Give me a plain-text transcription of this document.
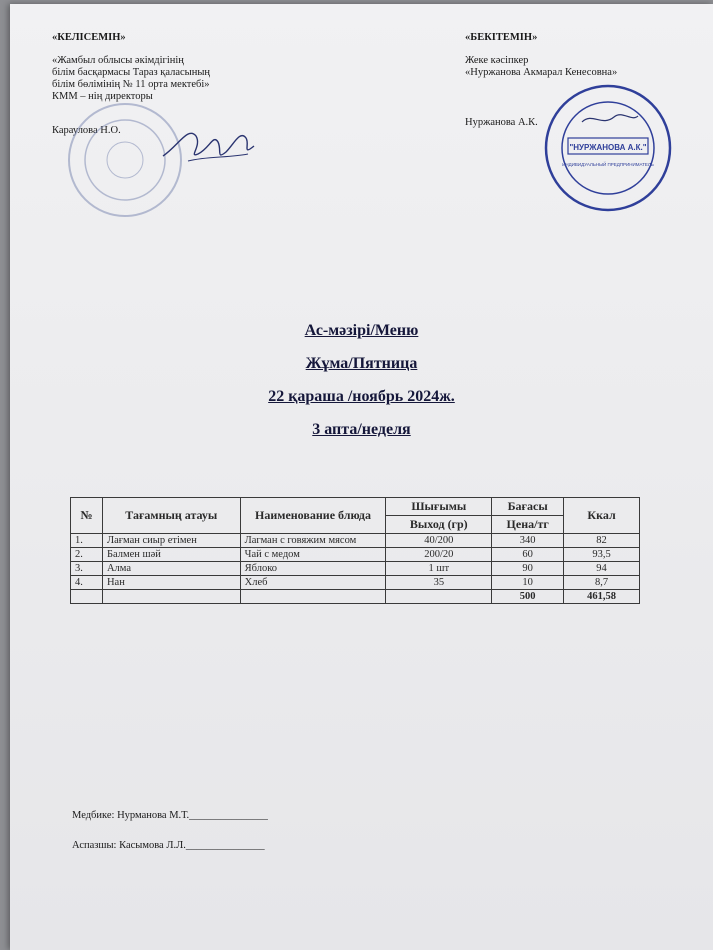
«КЕЛІСЕМІН»
«Жамбыл облысы әкімдігінің
білім басқармасы Тараз қаласының
білім бөлімінің № 11 орта мектебі»
КММ – нің директоры
Караулова Н.О.
«БЕКІТЕМІН»
Жеке кәсіпкер
«Нуржанова Акмарал Кенесовна»
Нуржанова А.К.
"НУРЖАНОВА А.К."
ИНДИВИДУАЛЬНЫЙ ПРЕДПРИНИМАТЕЛЬ
Ас-мәзірі/Меню
Жұма/Пятница
22 қараша /ноябрь 2024ж.
3 апта/неделя
№	Тағамның атауы	Наименование блюда	Шығымы	Бағасы	Ккал
			Выход (гр)	Цена/тг	
1.	Лағман сиыр етімен	Лагман с говяжим мясом	40/200	340	82
2.	Балмен шәй	Чай с медом	200/20	60	93,5
3.	Алма	Яблоко	1 шт	90	94
4.	Нан	Хлеб	35	10	8,7
				500	461,58
Медбике: Нурманова М.Т._______________
Аспазшы: Касымова Л.Л._______________
